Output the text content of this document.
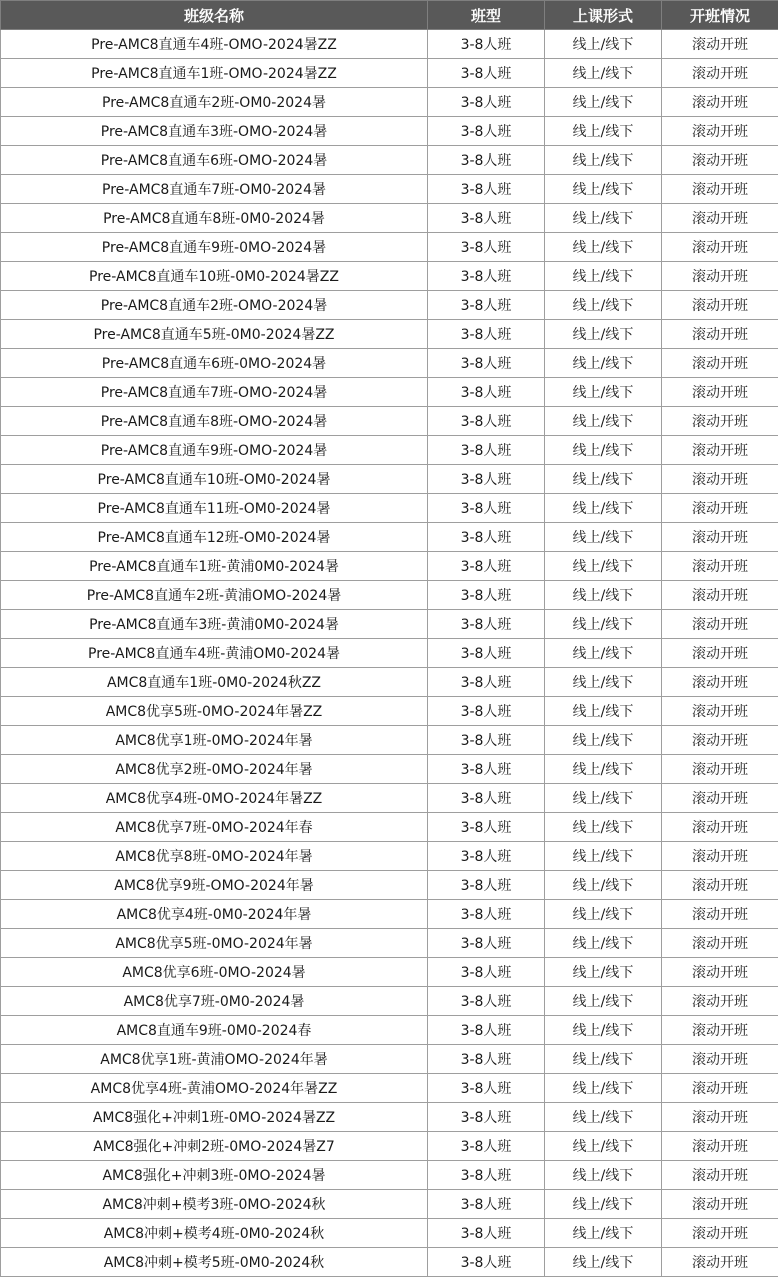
班级名称	班型	上课形式	开班情况
Pre-AMC8直通车4班-OMO-2024暑ZZ	3-8人班	线上/线下	滚动开班
Pre-AMC8直通车1班-OMO-2024暑ZZ	3-8人班	线上/线下	滚动开班
Pre-AMC8直通车2班-OM0-2024暑	3-8人班	线上/线下	滚动开班
Pre-AMC8直通车3班-OMO-2024暑	3-8人班	线上/线下	滚动开班
Pre-AMC8直通车6班-OMO-2024暑	3-8人班	线上/线下	滚动开班
Pre-AMC8直通车7班-OM0-2024暑	3-8人班	线上/线下	滚动开班
Pre-AMC8直通车8班-0M0-2024暑	3-8人班	线上/线下	滚动开班
Pre-AMC8直通车9班-0MO-2024暑	3-8人班	线上/线下	滚动开班
Pre-AMC8直通车10班-0M0-2024暑ZZ	3-8人班	线上/线下	滚动开班
Pre-AMC8直通车2班-OMO-2024暑	3-8人班	线上/线下	滚动开班
Pre-AMC8直通车5班-0M0-2024暑ZZ	3-8人班	线上/线下	滚动开班
Pre-AMC8直通车6班-0MO-2024暑	3-8人班	线上/线下	滚动开班
Pre-AMC8直通车7班-OMO-2024暑	3-8人班	线上/线下	滚动开班
Pre-AMC8直通车8班-OMO-2024暑	3-8人班	线上/线下	滚动开班
Pre-AMC8直通车9班-OMO-2024暑	3-8人班	线上/线下	滚动开班
Pre-AMC8直通车10班-OM0-2024暑	3-8人班	线上/线下	滚动开班
Pre-AMC8直通车11班-OM0-2024暑	3-8人班	线上/线下	滚动开班
Pre-AMC8直通车12班-OM0-2024暑	3-8人班	线上/线下	滚动开班
Pre-AMC8直通车1班-黄浦0M0-2024暑	3-8人班	线上/线下	滚动开班
Pre-AMC8直通车2班-黄浦OMO-2024暑	3-8人班	线上/线下	滚动开班
Pre-AMC8直通车3班-黄浦0M0-2024暑	3-8人班	线上/线下	滚动开班
Pre-AMC8直通车4班-黄浦OM0-2024暑	3-8人班	线上/线下	滚动开班
AMC8直通车1班-0M0-2024秋ZZ	3-8人班	线上/线下	滚动开班
AMC8优享5班-0MO-2024年暑ZZ	3-8人班	线上/线下	滚动开班
AMC8优享1班-0MO-2024年暑	3-8人班	线上/线下	滚动开班
AMC8优享2班-0MO-2024年暑	3-8人班	线上/线下	滚动开班
AMC8优享4班-0MO-2024年暑ZZ	3-8人班	线上/线下	滚动开班
AMC8优享7班-0MO-2024年春	3-8人班	线上/线下	滚动开班
AMC8优享8班-0MO-2024年暑	3-8人班	线上/线下	滚动开班
AMC8优享9班-OMO-2024年暑	3-8人班	线上/线下	滚动开班
AMC8优享4班-0M0-2024年暑	3-8人班	线上/线下	滚动开班
AMC8优享5班-0MO-2024年暑	3-8人班	线上/线下	滚动开班
AMC8优享6班-0MO-2024暑	3-8人班	线上/线下	滚动开班
AMC8优享7班-0M0-2024暑	3-8人班	线上/线下	滚动开班
AMC8直通车9班-0M0-2024春	3-8人班	线上/线下	滚动开班
AMC8优享1班-黄浦OMO-2024年暑	3-8人班	线上/线下	滚动开班
AMC8优享4班-黄浦OMO-2024年暑ZZ	3-8人班	线上/线下	滚动开班
AMC8强化+冲刺1班-0MO-2024暑ZZ	3-8人班	线上/线下	滚动开班
AMC8强化+冲刺2班-0MO-2024暑Z7	3-8人班	线上/线下	滚动开班
AMC8强化+冲刺3班-0MO-2024暑	3-8人班	线上/线下	滚动开班
AMC8冲刺+模考3班-0MO-2024秋	3-8人班	线上/线下	滚动开班
AMC8冲刺+模考4班-0M0-2024秋	3-8人班	线上/线下	滚动开班
AMC8冲刺+模考5班-0M0-2024秋	3-8人班	线上/线下	滚动开班
